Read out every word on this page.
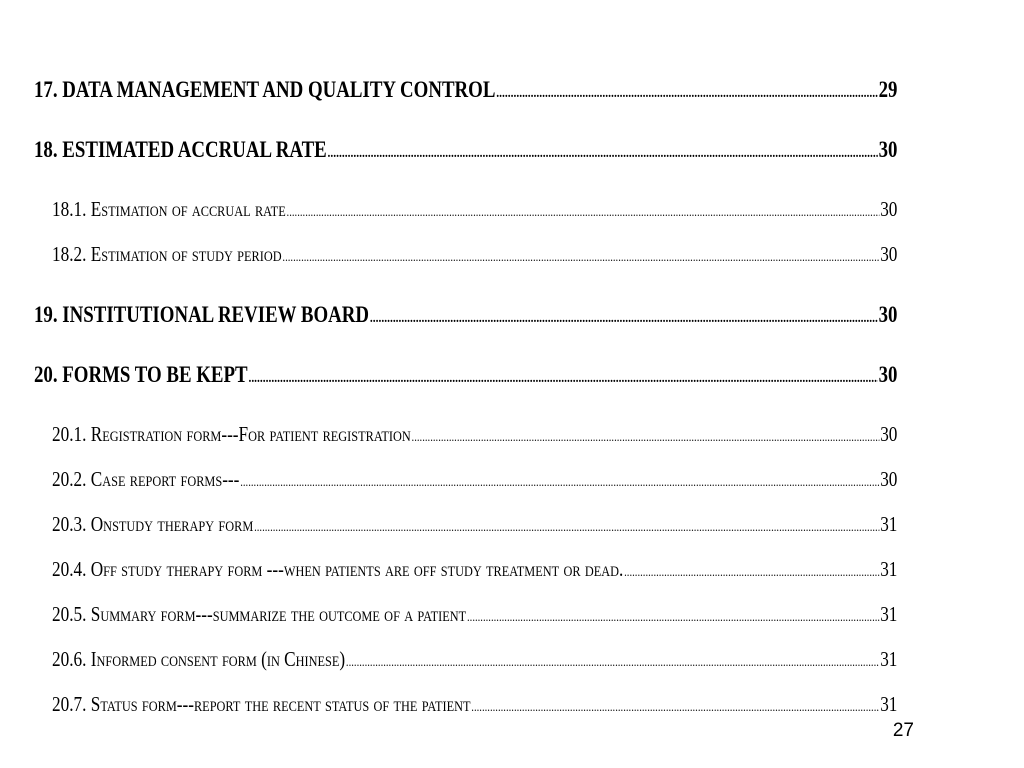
17. DATA MANAGEMENT AND QUALITY CONTROL .....	29
18. ESTIMATED ACCRUAL RATE .....	30
18.1. Estimation of accrual rate .....	30
18.2. Estimation of study period .....	30
19. INSTITUTIONAL REVIEW BOARD .....	30
20. FORMS TO BE KEPT .....	30
20.1. Registration form---For patient registration .....	30
20.2. Case report forms--- .....	30
20.3. Onstudy therapy form .....	31
20.4. Off study therapy form ---when patients are off study treatment or dead. .....	31
20.5. Summary form---summarize the outcome of a patient .....	31
20.6. Informed consent form (in Chinese) .....	31
20.7. Status form---report the recent status of the patient .....	31
27
